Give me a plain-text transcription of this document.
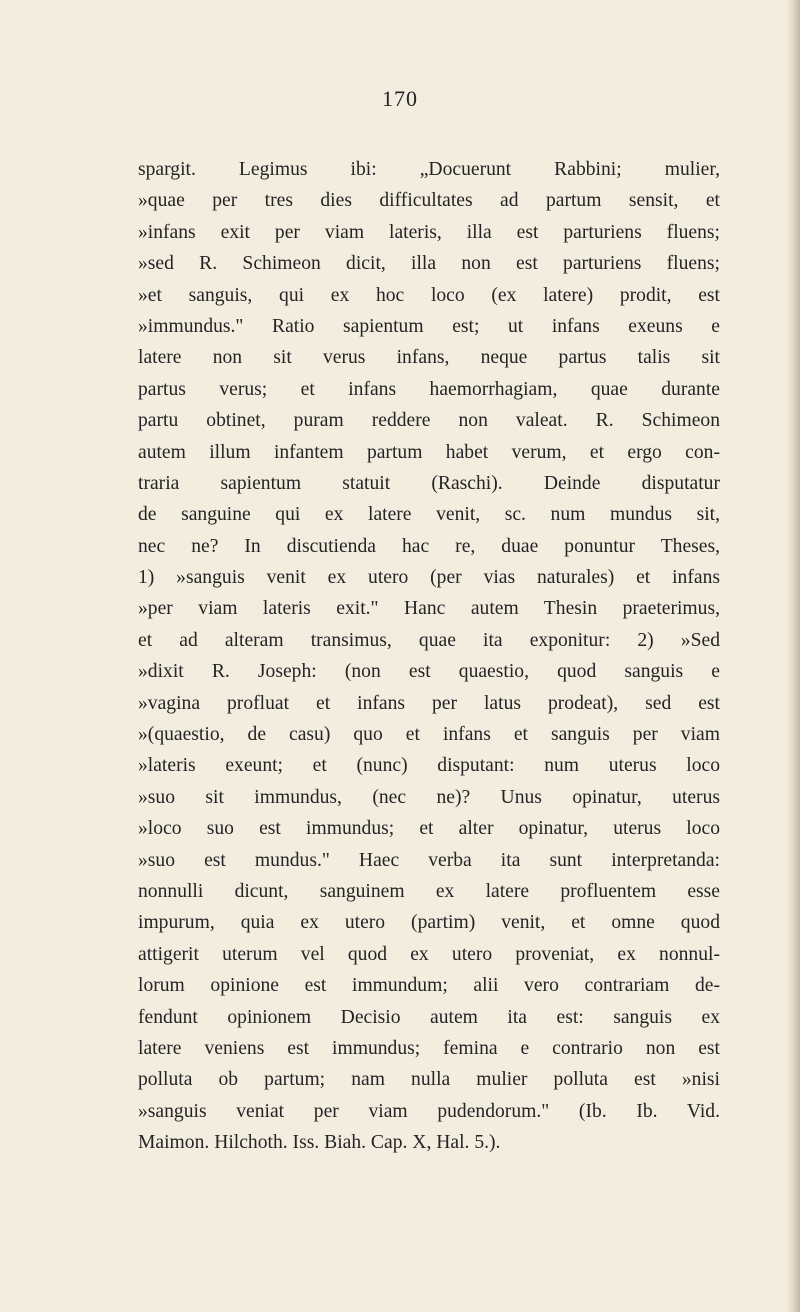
170
spargit. Legimus ibi: „Docuerunt Rabbini; mulier,
»quae per tres dies difficultates ad partum sensit, et
»infans exit per viam lateris, illa est parturiens fluens;
»sed R. Schimeon dicit, illa non est parturiens fluens;
»et sanguis, qui ex hoc loco (ex latere) prodit, est
»immundus." Ratio sapientum est; ut infans exeuns e
latere non sit verus infans, neque partus talis sit
partus verus; et infans haemorrhagiam, quae durante
partu obtinet, puram reddere non valeat. R. Schimeon
autem illum infantem partum habet verum, et ergo con-
traria sapientum statuit (Raschi). Deinde disputatur
de sanguine qui ex latere venit, sc. num mundus sit,
nec ne? In discutienda hac re, duae ponuntur Theses,
1) »sanguis venit ex utero (per vias naturales) et infans
»per viam lateris exit." Hanc autem Thesin praeterimus,
et ad alteram transimus, quae ita exponitur: 2) »Sed
»dixit R. Joseph: (non est quaestio, quod sanguis e
»vagina profluat et infans per latus prodeat), sed est
»(quaestio, de casu) quo et infans et sanguis per viam
»lateris exeunt; et (nunc) disputant: num uterus loco
»suo sit immundus, (nec ne)? Unus opinatur, uterus
»loco suo est immundus; et alter opinatur, uterus loco
»suo est mundus." Haec verba ita sunt interpretanda:
nonnulli dicunt, sanguinem ex latere profluentem esse
impurum, quia ex utero (partim) venit, et omne quod
attigerit uterum vel quod ex utero proveniat, ex nonnul-
lorum opinione est immundum; alii vero contrariam de-
fendunt opinionem Decisio autem ita est: sanguis ex
latere veniens est immundus; femina e contrario non est
polluta ob partum; nam nulla mulier polluta est »nisi
»sanguis veniat per viam pudendorum." (Ib. Ib. Vid.
Maimon. Hilchoth. Iss. Biah. Cap. X, Hal. 5.).
